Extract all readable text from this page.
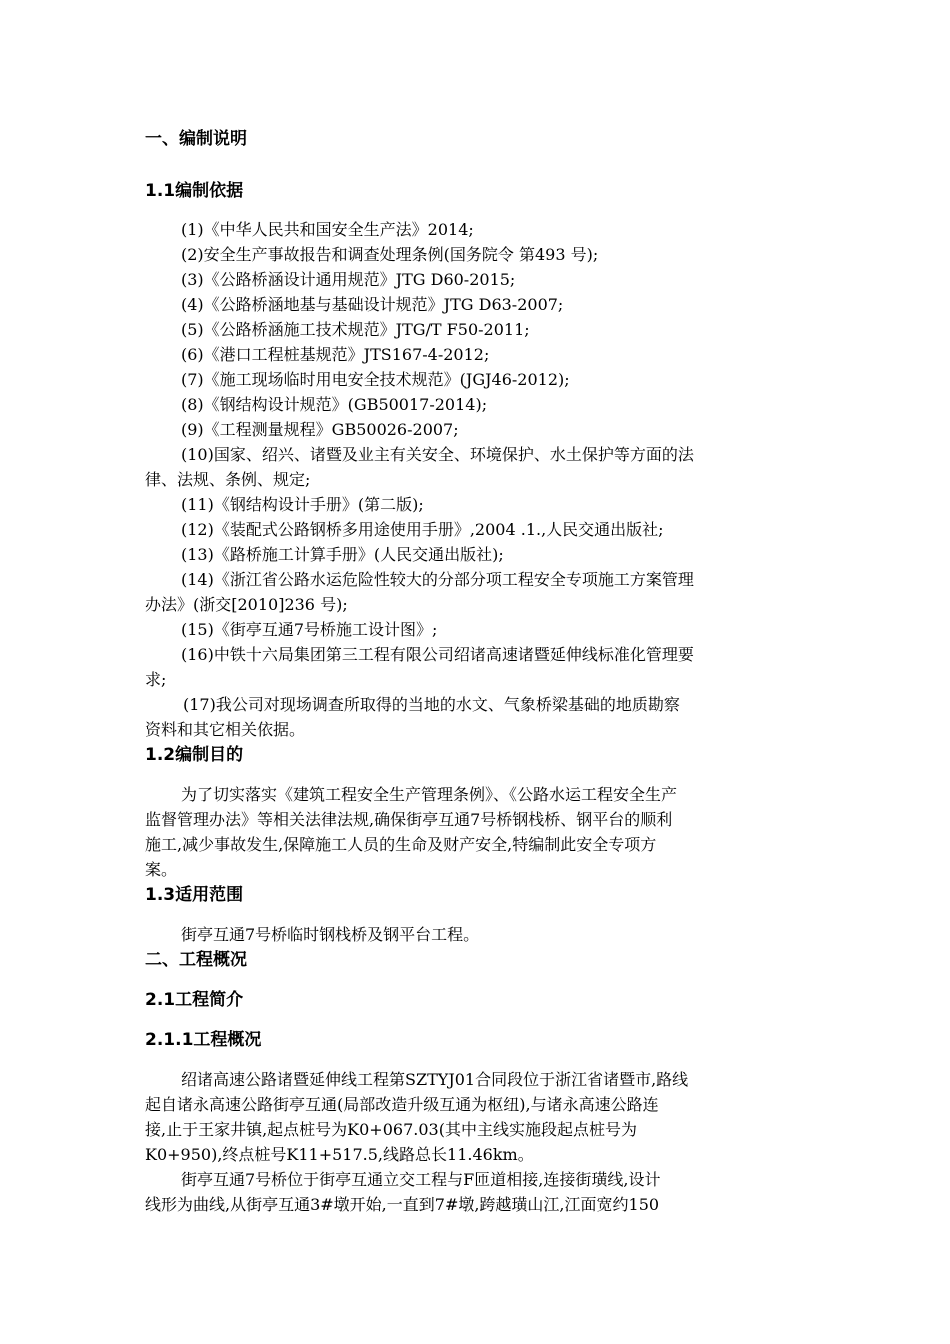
一、编制说明
1.1编制依据
(1)《中华人民共和国安全生产法》2014;
(2)安全生产事故报告和调查处理条例(国务院令 第493 号);
(3)《公路桥涵设计通用规范》JTG D60-2015;
(4)《公路桥涵地基与基础设计规范》JTG D63-2007;
(5)《公路桥涵施工技术规范》JTG/T F50-2011;
(6)《港口工程桩基规范》JTS167-4-2012;
(7)《施工现场临时用电安全技术规范》(JGJ46-2012);
(8)《钢结构设计规范》(GB50017-2014);
(9)《工程测量规程》GB50026-2007;
(10)国家、绍兴、诸暨及业主有关安全、环境保护、水土保护等方面的法
律、法规、条例、规定;
(11)《钢结构设计手册》(第二版);
(12)《装配式公路钢桥多用途使用手册》,2004 .1.,人民交通出版社;
(13)《路桥施工计算手册》(人民交通出版社);
(14)《浙江省公路水运危险性较大的分部分项工程安全专项施工方案管理
办法》(浙交[2010]236 号);
(15)《街亭互通7号桥施工设计图》;
(16)中铁十六局集团第三工程有限公司绍诸高速诸暨延伸线标准化管理要
求;
(17)我公司对现场调查所取得的当地的水文、气象桥梁基础的地质勘察
资料和其它相关依据。
1.2编制目的
为了切实落实《建筑工程安全生产管理条例》、《公路水运工程安全生产
监督管理办法》等相关法律法规,确保街亭互通7号桥钢栈桥、钢平台的顺利
施工,减少事故发生,保障施工人员的生命及财产安全,特编制此安全专项方
案。
1.3适用范围
街亭互通7号桥临时钢栈桥及钢平台工程。
二、工程概况
2.1工程简介
2.1.1工程概况
绍诸高速公路诸暨延伸线工程第SZTYJ01合同段位于浙江省诸暨市,路线
起自诸永高速公路街亭互通(局部改造升级互通为枢纽),与诸永高速公路连
接,止于王家井镇,起点桩号为K0+067.03(其中主线实施段起点桩号为
K0+950),终点桩号K11+517.5,线路总长11.46km。
街亭互通7号桥位于街亭互通立交工程与F匝道相接,连接街璜线,设计
线形为曲线,从街亭互通3#墩开始,一直到7#墩,跨越璜山江,江面宽约150
